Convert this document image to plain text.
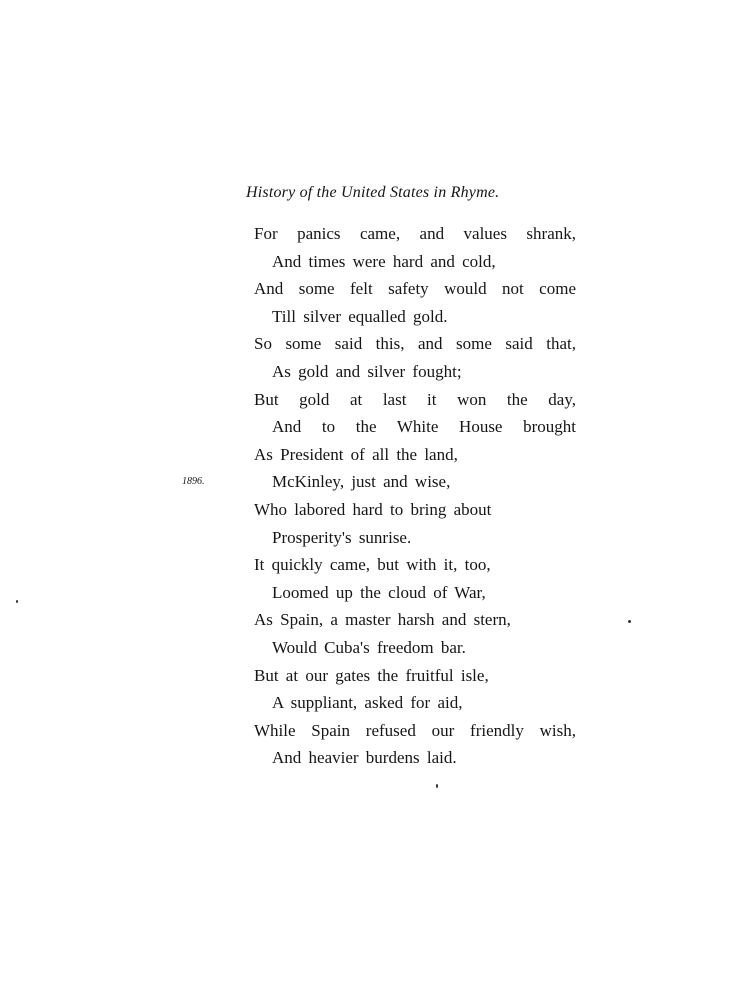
History of the United States in Rhyme.
1896.
For panics came, and values shrank,
And times were hard and cold,
And some felt safety would not come
Till silver equalled gold.
So some said this, and some said that,
As gold and silver fought;
But gold at last it won the day,
And to the White House brought
As President of all the land,
McKinley, just and wise,
Who labored hard to bring about
Prosperity's sunrise.
It quickly came, but with it, too,
Loomed up the cloud of War,
As Spain, a master harsh and stern,
Would Cuba's freedom bar.
But at our gates the fruitful isle,
A suppliant, asked for aid,
While Spain refused our friendly wish,
And heavier burdens laid.
